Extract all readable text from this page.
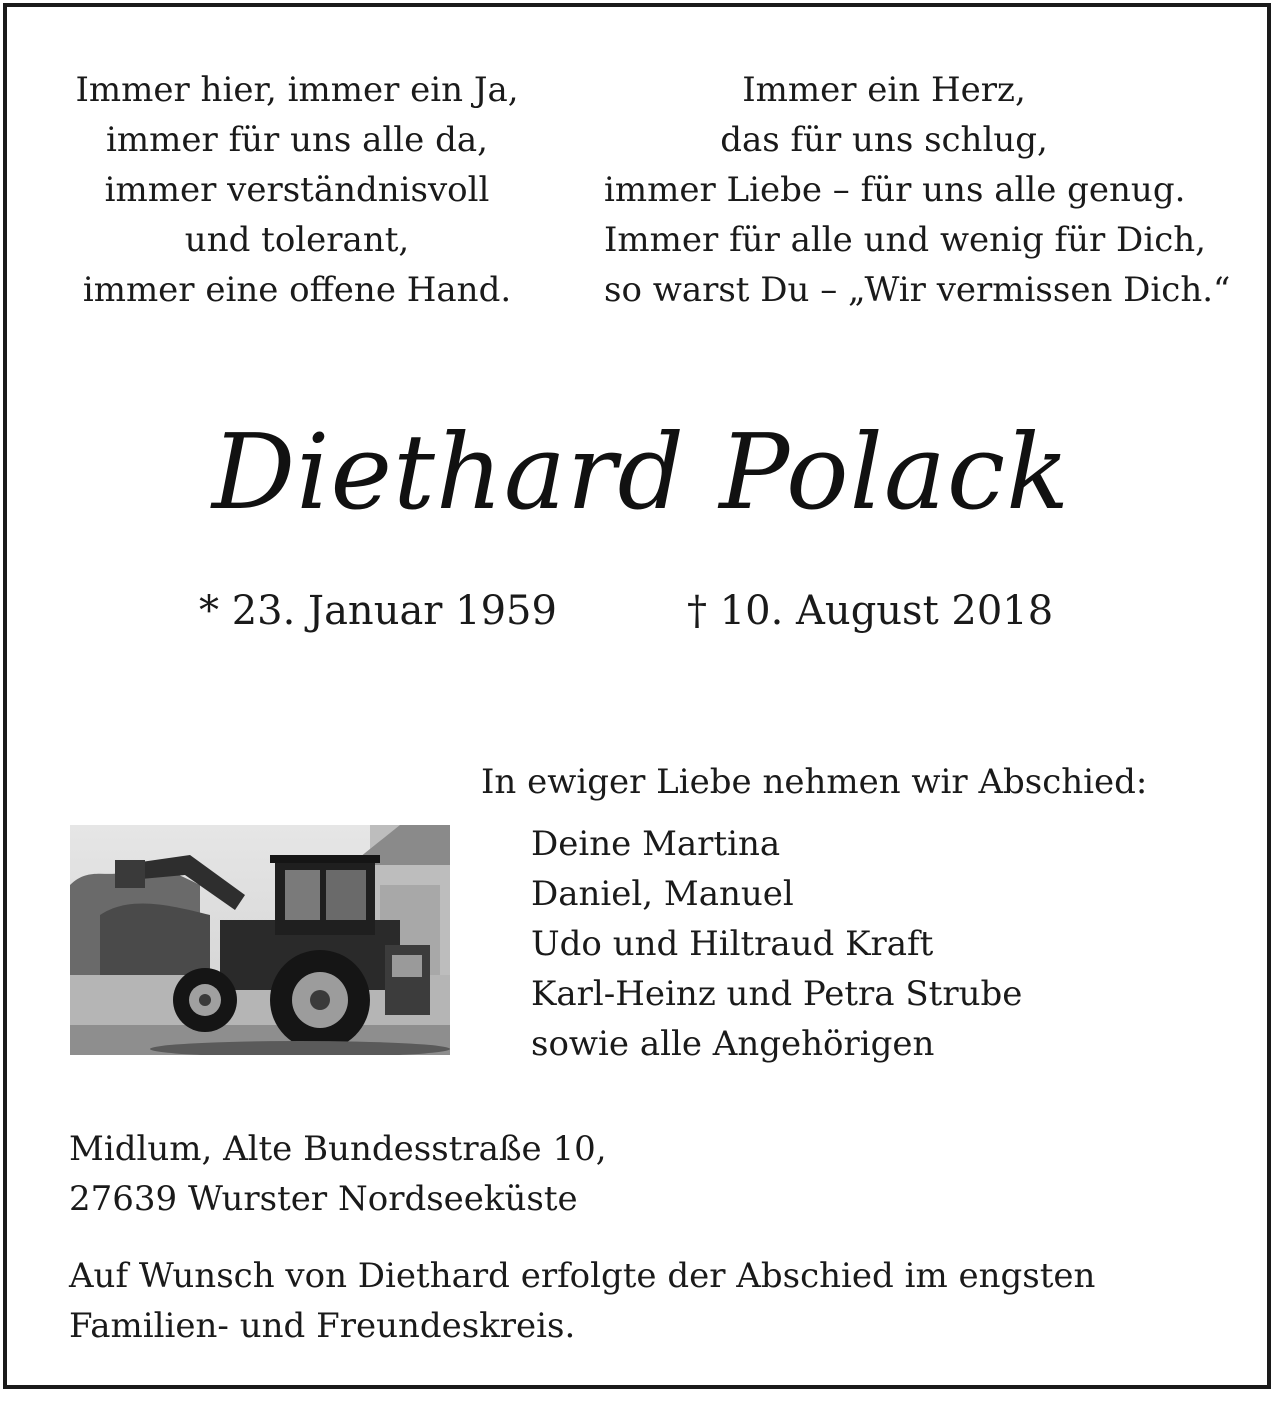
Immer hier, immer ein Ja,
immer für uns alle da,
immer verständnisvoll
und tolerant,
immer eine offene Hand.
Immer ein Herz,
das für uns schlug,
immer Liebe – für uns alle genug.
Immer für alle und wenig für Dich,
so warst Du – „Wir vermissen Dich.“
Diethard Polack
* 23. Januar 1959	† 10. August 2018
In ewiger Liebe nehmen wir Abschied:
Deine Martina
Daniel, Manuel
Udo und Hiltraud Kraft
Karl-Heinz und Petra Strube
sowie alle Angehörigen
Midlum, Alte Bundesstraße 10,
27639 Wurster Nordseeküste
Auf Wunsch von Diethard erfolgte der Abschied im engsten Familien- und Freundeskreis.
